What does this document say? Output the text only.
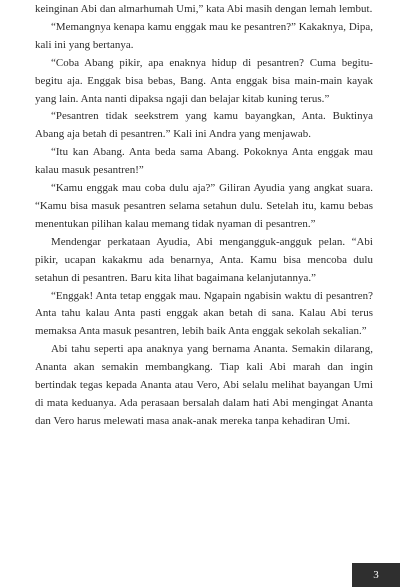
keinginan Abi dan almarhumah Umi,” kata Abi masih dengan lemah lembut.

“Memangnya kenapa kamu enggak mau ke pesantren?” Kakaknya, Dipa, kali ini yang bertanya.

“Coba Abang pikir, apa enaknya hidup di pesantren? Cuma begitu-begitu aja. Enggak bisa bebas, Bang. Anta enggak bisa main-main kayak yang lain. Anta nanti dipaksa ngaji dan belajar kitab kuning terus.”

“Pesantren tidak seekstrem yang kamu bayangkan, Anta. Buktinya Abang aja betah di pesantren.” Kali ini Andra yang menjawab.

“Itu kan Abang. Anta beda sama Abang. Pokoknya Anta enggak mau kalau masuk pesantren!”

“Kamu enggak mau coba dulu aja?” Giliran Ayudia yang angkat suara. “Kamu bisa masuk pesantren selama setahun dulu. Setelah itu, kamu bebas menentukan pilihan kalau memang tidak nyaman di pesantren.”

Mendengar perkataan Ayudia, Abi mengangguk-angguk pelan. “Abi pikir, ucapan kakakmu ada benarnya, Anta. Kamu bisa mencoba dulu setahun di pesantren. Baru kita lihat bagaimana kelanjutannya.”

“Enggak! Anta tetap enggak mau. Ngapain ngabisin waktu di pesantren? Anta tahu kalau Anta pasti enggak akan betah di sana. Kalau Abi terus memaksa Anta masuk pesantren, lebih baik Anta enggak sekolah sekalian.”

Abi tahu seperti apa anaknya yang bernama Ananta. Semakin dilarang, Ananta akan semakin membangkang. Tiap kali Abi marah dan ingin bertindak tegas kepada Ananta atau Vero, Abi selalu melihat bayangan Umi di mata keduanya. Ada perasaan bersalah dalam hati Abi mengingat Ananta dan Vero harus melewati masa anak-anak mereka tanpa kehadiran Umi.

3
